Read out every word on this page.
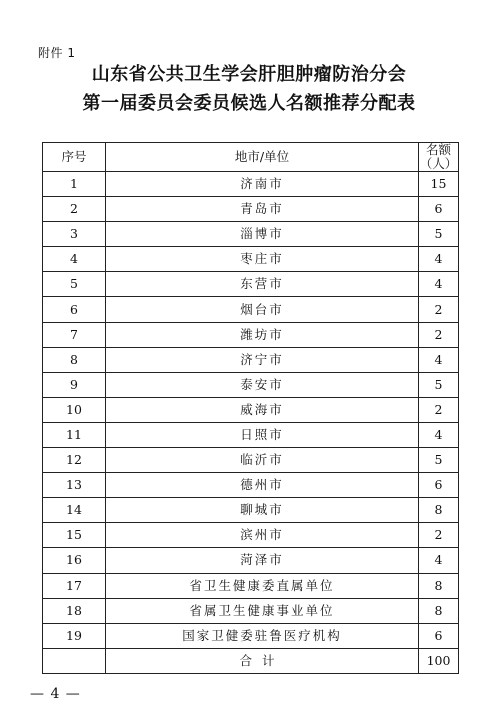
附件 1
山东省公共卫生学会肝胆肿瘤防治分会
第一届委员会委员候选人名额推荐分配表
序号	地市/单位	名额（人）
1	济南市	15
2	青岛市	6
3	淄博市	5
4	枣庄市	4
5	东营市	4
6	烟台市	2
7	潍坊市	2
8	济宁市	4
9	泰安市	5
10	威海市	2
11	日照市	4
12	临沂市	5
13	德州市	6
14	聊城市	8
15	滨州市	2
16	菏泽市	4
17	省卫生健康委直属单位	8
18	省属卫生健康事业单位	8
19	国家卫健委驻鲁医疗机构	6
	合计	100
— 4 —
